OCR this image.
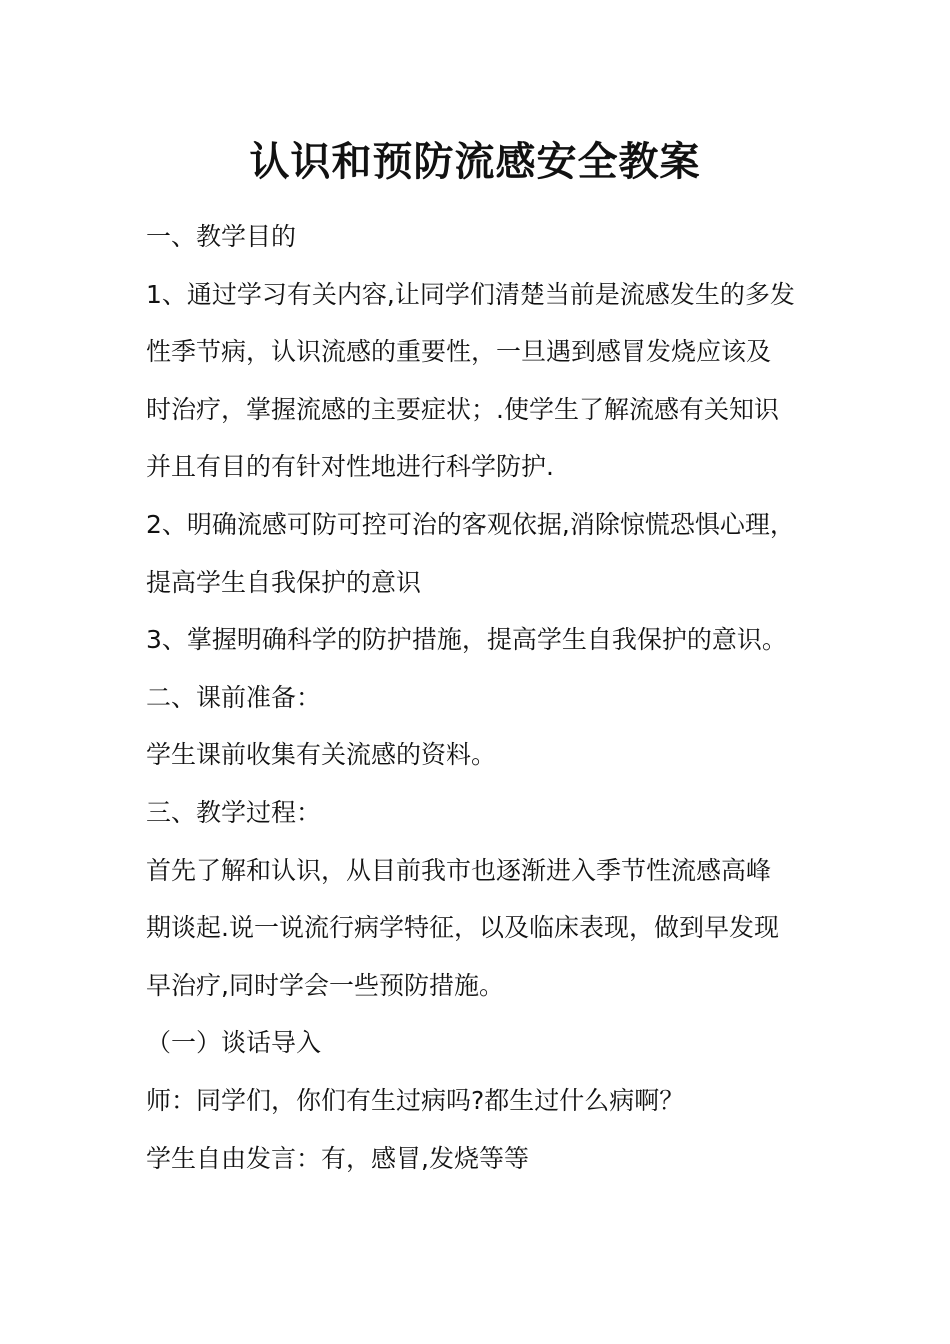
认识和预防流感安全教案

一、教学目的

1、通过学习有关内容,让同学们清楚当前是流感发生的多发

性季节病，认识流感的重要性，一旦遇到感冒发烧应该及

时治疗，掌握流感的主要症状；.使学生了解流感有关知识

并且有目的有针对性地进行科学防护.

2、明确流感可防可控可治的客观依据,消除惊慌恐惧心理，

提高学生自我保护的意识

3、掌握明确科学的防护措施，提高学生自我保护的意识。

二、课前准备：

学生课前收集有关流感的资料。

三、教学过程：

首先了解和认识，从目前我市也逐渐进入季节性流感高峰

期谈起.说一说流行病学特征，以及临床表现，做到早发现

早治疗,同时学会一些预防措施。

（一）谈话导入

师：同学们，你们有生过病吗?都生过什么病啊？

学生自由发言：有，感冒,发烧等等
